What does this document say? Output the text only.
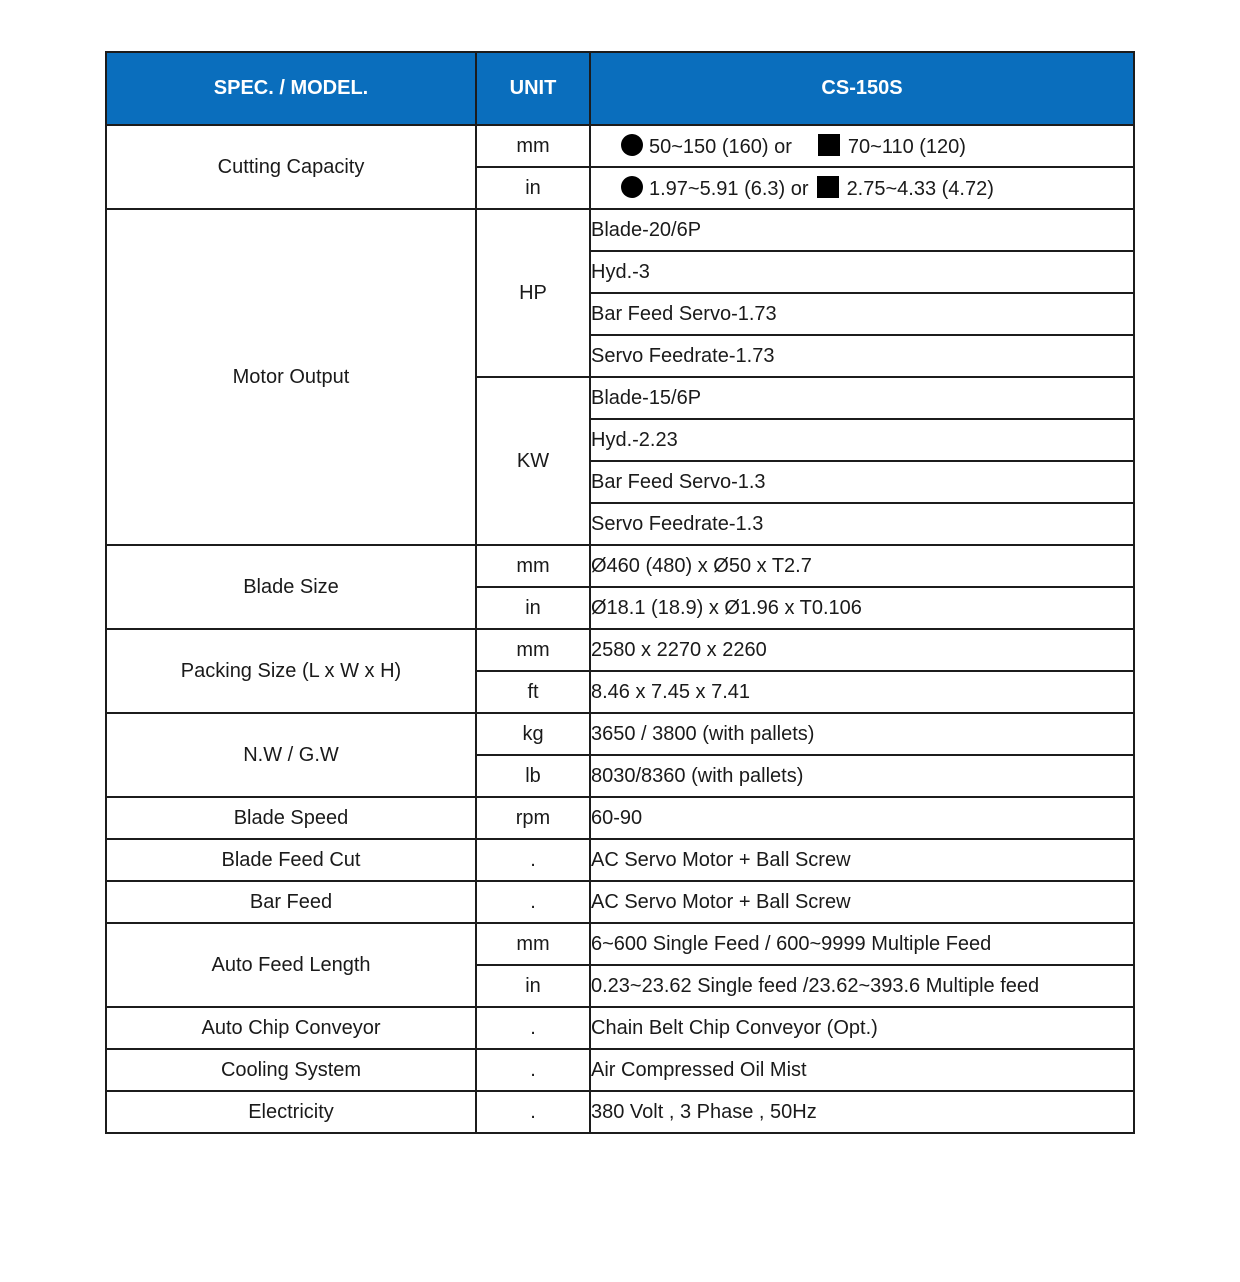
SPEC. / MODEL.	UNIT	CS-150S
Cutting Capacity	mm	50~150 (160) or 70~110 (120)
	in	1.97~5.91 (6.3) or 2.75~4.33 (4.72)
Motor Output	HP	Blade-20/6P
		Hyd.-3
		Bar Feed Servo-1.73
		Servo Feedrate-1.73
	KW	Blade-15/6P
		Hyd.-2.23
		Bar Feed Servo-1.3
		Servo Feedrate-1.3
Blade Size	mm	Ø460 (480) x Ø50 x T2.7
	in	Ø18.1 (18.9) x Ø1.96 x T0.106
Packing Size (L x W x H)	mm	2580 x 2270 x 2260
	ft	8.46 x 7.45 x 7.41
N.W / G.W	kg	3650 / 3800 (with pallets)
	lb	8030/8360 (with pallets)
Blade Speed	rpm	60-90
Blade Feed Cut	.	AC Servo Motor + Ball Screw
Bar Feed	.	AC Servo Motor + Ball Screw
Auto Feed Length	mm	6~600 Single Feed / 600~9999 Multiple Feed
	in	0.23~23.62 Single feed /23.62~393.6 Multiple feed
Auto Chip Conveyor	.	Chain Belt Chip Conveyor (Opt.)
Cooling System	.	Air Compressed Oil Mist
Electricity	.	380 Volt , 3 Phase , 50Hz
